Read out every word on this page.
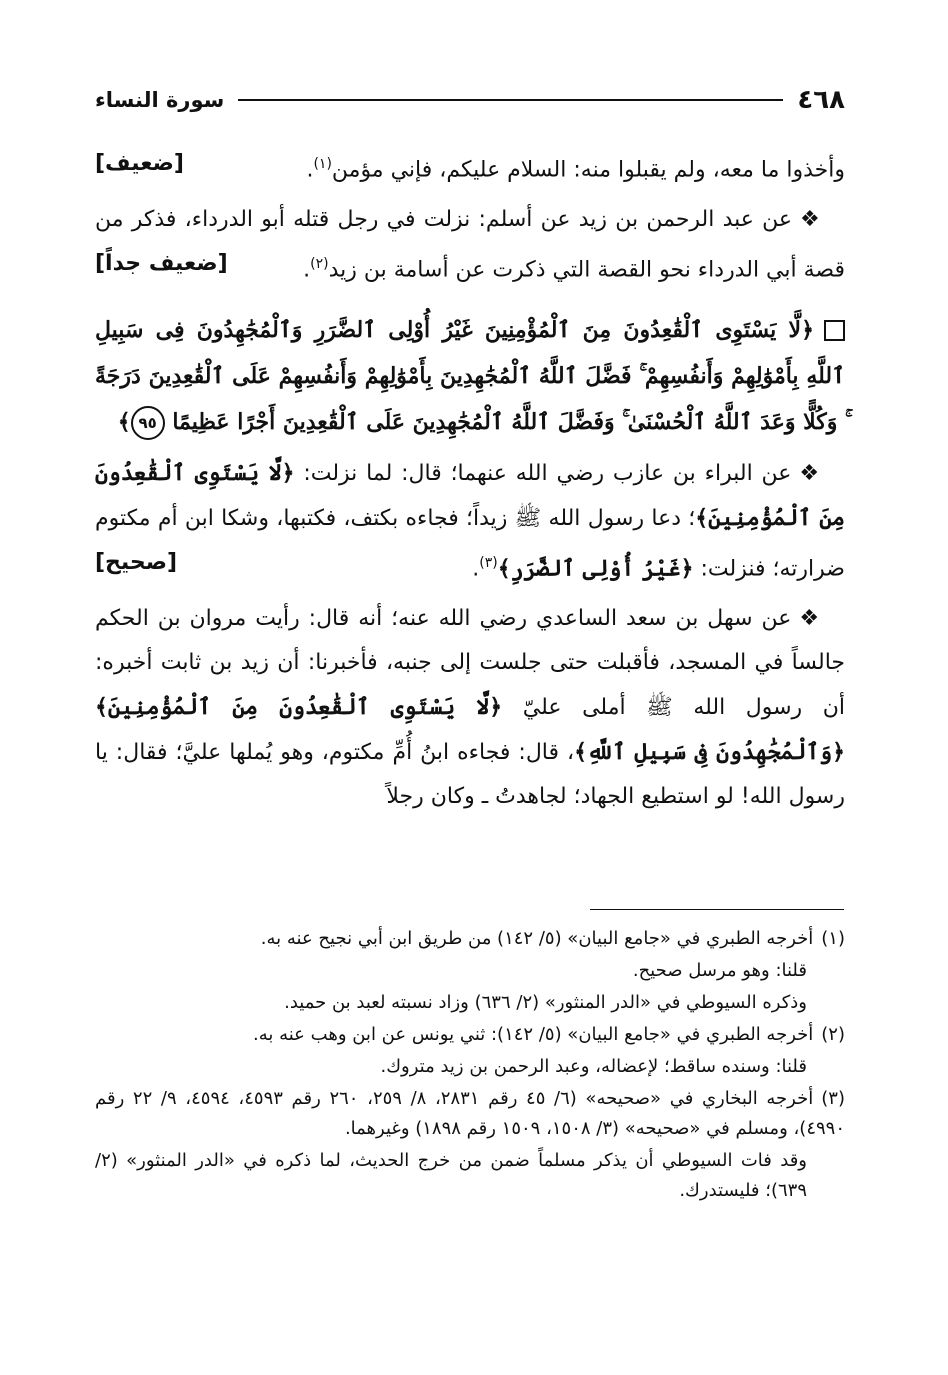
٤٦٨
سورة النساء

وأخذوا ما معه، ولم يقبلوا منه: السلام عليكم، فإني مؤمن$^{(١)}$.
[ضعيف]

❖عن عبد الرحمن بن زيد عن أسلم: نزلت في رجل قتله أبو الدرداء، فذكر من قصة أبي الدرداء نحو القصة التي ذكرت عن أسامة بن زيد$^{(٢)}$.
[ضعيف جداً]

﴿لَّا يَسْتَوِى ٱلْقَٰعِدُونَ مِنَ ٱلْمُؤْمِنِينَ غَيْرُ أُوْلِى ٱلضَّرَرِ وَٱلْمُجَٰهِدُونَ فِى سَبِيلِ ٱللَّهِ بِأَمْوَٰلِهِمْ وَأَنفُسِهِمْ ۚ فَضَّلَ ٱللَّهُ ٱلْمُجَٰهِدِينَ بِأَمْوَٰلِهِمْ وَأَنفُسِهِمْ عَلَى ٱلْقَٰعِدِينَ دَرَجَةً ۚ وَكُلًّا وَعَدَ ٱللَّهُ ٱلْحُسْنَىٰ ۚ وَفَضَّلَ ٱللَّهُ ٱلْمُجَٰهِدِينَ عَلَى ٱلْقَٰعِدِينَ أَجْرًا عَظِيمًا ٩٥﴾

❖عن البراء بن عازب رضي الله عنهما؛ قال: لما نزلت: ﴿لَّا يَسْتَوِى ٱلْقَٰعِدُونَ مِنَ ٱلْمُؤْمِنِينَ﴾؛ دعا رسول الله ﷺ زيداً؛ فجاءه بكتف، فكتبها، وشكا ابن أم مكتوم ضرارته؛ فنزلت: ﴿غَيْرُ أُوْلِى ٱلضَّرَرِ﴾$^{(٣)}$.
[صحيح]

❖عن سهل بن سعد الساعدي رضي الله عنه؛ أنه قال: رأيت مروان بن الحكم جالساً في المسجد، فأقبلت حتى جلست إلى جنبه، فأخبرنا: أن زيد بن ثابت أخبره: أن رسول الله ﷺ أملى عليّ ﴿لَّا يَسْتَوِى ٱلْقَٰعِدُونَ مِنَ ٱلْمُؤْمِنِينَ﴾ ﴿وَٱلْمُجَٰهِدُونَ فِى سَبِيلِ ٱللَّهِ﴾، قال: فجاءه ابنُ أُمِّ مكتوم، وهو يُملها عليَّ؛ فقال: يا رسول الله! لو استطيع الجهاد؛ لجاهدتُ ـ وكان رجلاً

(١)أخرجه الطبري في «جامع البيان» (٥/ ١٤٢) من طريق ابن أبي نجيح عنه به.

قلنا: وهو مرسل صحيح.

وذكره السيوطي في «الدر المنثور» (٢/ ٦٣٦) وزاد نسبته لعبد بن حميد.

(٢)أخرجه الطبري في «جامع البيان» (٥/ ١٤٢): ثني يونس عن ابن وهب عنه به.

قلنا: وسنده ساقط؛ لإعضاله، وعبد الرحمن بن زيد متروك.

(٣)أخرجه البخاري في «صحيحه» (٦/ ٤٥ رقم ٢٨٣١، ٨/ ٢٥٩، ٢٦٠ رقم ٤٥٩٣، ٤٥٩٤، ٩/ ٢٢ رقم ٤٩٩٠)، ومسلم في «صحيحه» (٣/ ١٥٠٨، ١٥٠٩ رقم ١٨٩٨) وغيرهما.

وقد فات السيوطي أن يذكر مسلماً ضمن من خرج الحديث، لما ذكره في «الدر المنثور» (٢/ ٦٣٩)؛ فليستدرك.
